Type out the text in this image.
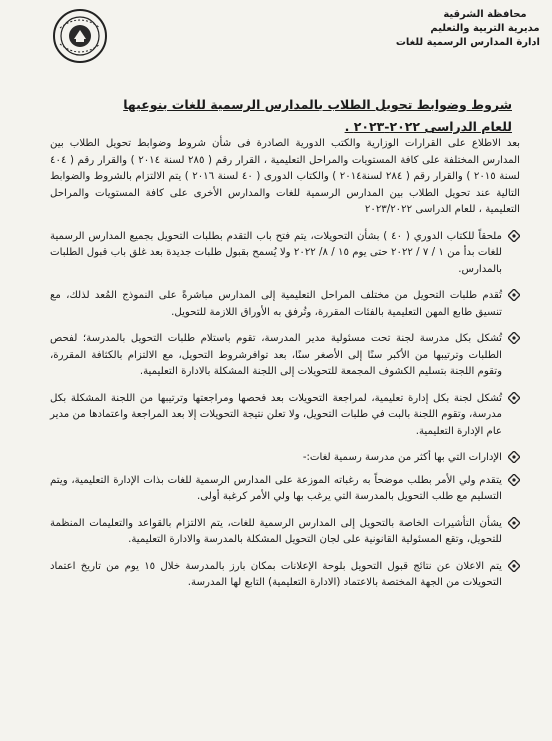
محافظة الشرقية
مديرية التربية والتعليم
ادارة المدارس الرسمية للغات
شروط وضوابط تحويل الطلاب بالمدارس الرسمية للغات بنوعيها
للعام الدراسى ٢٠٢٢-٢٠٢٣ .

بعد الاطلاع على القرارات الوزارية والكتب الدورية الصادرة فى شأن شروط وضوابط تحويل الطلاب بين المدارس المختلفة على كافة المستويات والمراحل التعليمية ، القرار رقم ( ٢٨٥ لسنة ٢٠١٤ ) والقرار رقم ( ٤٠٤ لسنة ٢٠١٥ ) والقرار رقم ( ٢٨٤ لسنة٢٠١٤ ) والكتاب الدورى ( ٤٠ لسنة ٢٠١٦ ) يتم الالتزام بالشروط والضوابط التالية عند تحويل الطلاب بين المدارس الرسمية للغات والمدارس الأخرى على كافة المستويات والمراحل التعليمية ، للعام الدراسى ٢٠٢٣/٢٠٢٢

ملحقاً للكتاب الدوري ( ٤٠ ) بشأن التحويلات، يتم فتح باب التقدم بطلبات التحويل بجميع المدارس الرسمية للغات بدأ من ١ / ٧ / ٢٠٢٢ حتى يوم ١٥ / ٨/ ٢٠٢٢ ولا يُسمح بقبول طلبات جديدة بعد غلق باب قبول الطلبات بالمدارس.
تُقدم طلبات التحويل من مختلف المراحل التعليمية إلى المدارس مباشرةً على النموذج المُعد لذلك، مع تنسيق طابع المهن التعليمية بالفئات المقررة، وتُرفق به الأوراق اللازمة للتحويل.
تُشكل بكل مدرسة لجنة تحت مسئولية مدير المدرسة، تقوم باستلام طلبات التحويل بالمدرسة؛ لفحص الطلبات وترتيبها من الأكبر سنًا إلى الأصغر سنًا، بعد توافرشروط التحويل، مع الالتزام بالكثافة المقررة، وتقوم اللجنة بتسليم الكشوف المجمعة للتحويلات إلى اللجنة المشكلة بالادارة التعليمية.
تُشكل لجنة بكل إدارة تعليمية، لمراجعة التحويلات بعد فحصها ومراجعتها وترتيبها من اللجنة المشكلة بكل مدرسة، وتقوم اللجنة بالبت في طلبات التحويل، ولا تعلن نتيجة التحويلات إلا بعد المراجعة واعتمادها من مدير عام الإدارة التعليمية.
الإدارات التي بها أكثر من مدرسة رسمية لغات:-
يتقدم ولي الأمر بطلب موضحاً به رغباته الموزعة على المدارس الرسمية للغات بذات الإدارة التعليمية، ويتم التسليم مع طلب التحويل بالمدرسة التي يرغب بها ولي الأمر كرغبة أولى.
يشأن التأشيرات الخاصة بالتحويل إلى المدارس الرسمية للغات، يتم الالتزام بالقواعد والتعليمات المنظمة للتحويل، وتقع المسئولية القانونية على لجان التحويل المشكلة بالمدرسة والادارة التعليمية.
يتم الاعلان عن نتائج قبول التحويل بلوحة الإعلانات بمكان بارز بالمدرسة خلال ١٥ يوم من تاريخ اعتماد التحويلات من الجهة المختصة بالاعتماد (الادارة التعليمية) التابع لها المدرسة.
